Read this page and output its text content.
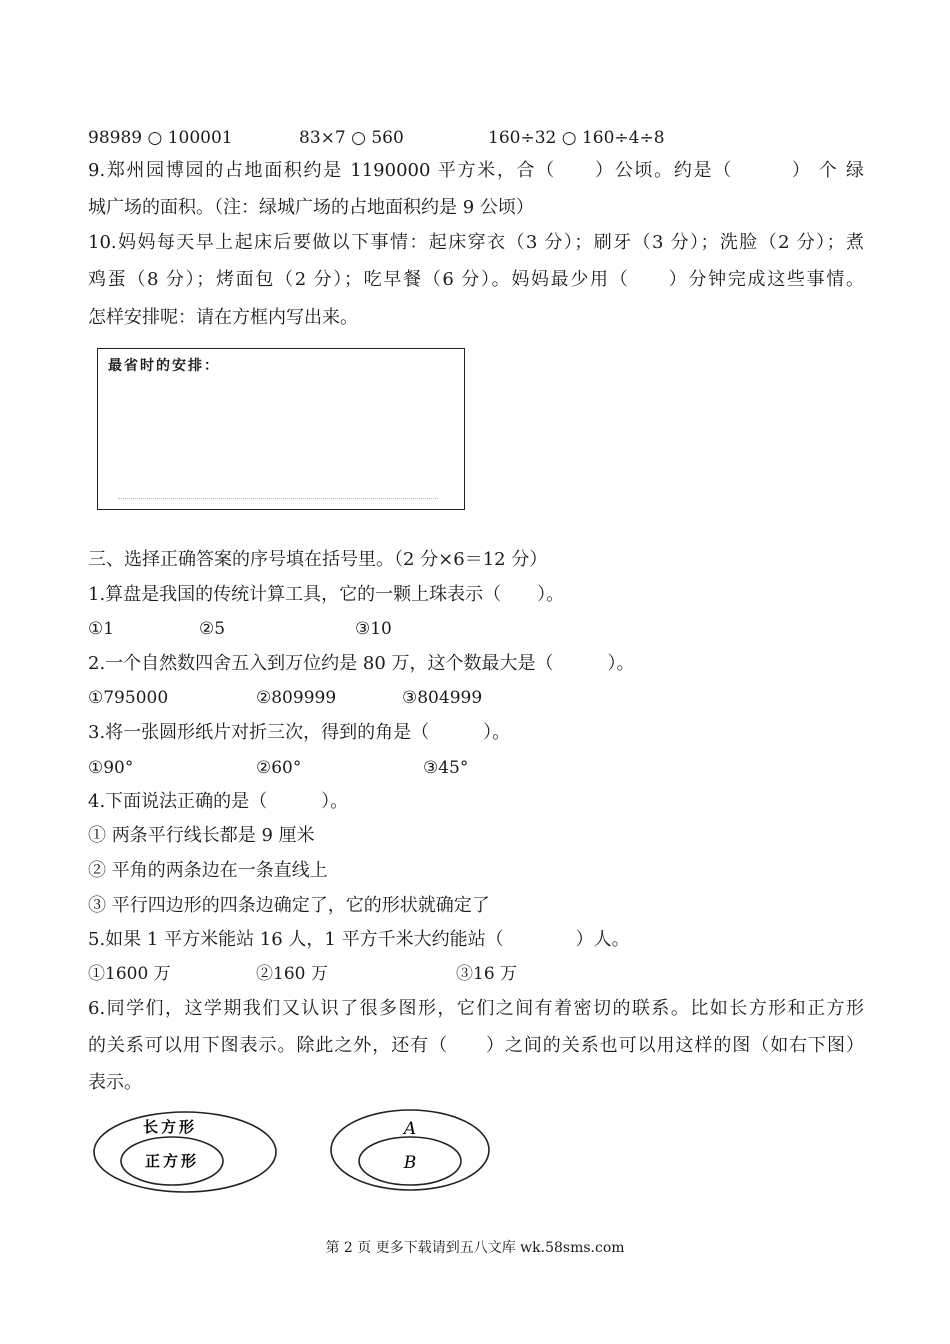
98989 ○ 100001	83×7 ○ 560	160÷32 ○ 160÷4÷8
9.郑州园博园的占地面积约是 1190000 平方米，合（　　）公顷。约是（　　　） 个 绿
城广场的面积。（注：绿城广场的占地面积约是 9 公顷）
10.妈妈每天早上起床后要做以下事情：起床穿衣（3 分）；刷牙（3 分）；洗脸（2 分）；煮
鸡蛋（8 分）；烤面包（2 分）；吃早餐（6 分）。妈妈最少用（　　）分钟完成这些事情。
怎样安排呢：请在方框内写出来。
最省时的安排：
三、选择正确答案的序号填在括号里。（2 分×6＝12 分）
1.算盘是我国的传统计算工具，它的一颗上珠表示（　　）。
①1	②5	③10
2.一个自然数四舍五入到万位约是 80 万，这个数最大是（　　　）。
①795000	②809999	③804999
3.将一张圆形纸片对折三次，得到的角是（　　　）。
①90°	②60°	③45°
4.下面说法正确的是（　　　）。
① 两条平行线长都是 9 厘米
② 平角的两条边在一条直线上
③ 平行四边形的四条边确定了，它的形状就确定了
5.如果 1 平方米能站 16 人，1 平方千米大约能站（　　　　）人。
①1600 万	②160 万	③16 万
6.同学们，这学期我们又认识了很多图形，它们之间有着密切的联系。比如长方形和正方形
的关系可以用下图表示。除此之外，还有（　　）之间的关系也可以用这样的图（如右下图）
表示。
长方形
正方形
A
B
第 2 页 更多下载请到五八文库 wk.58sms.com
